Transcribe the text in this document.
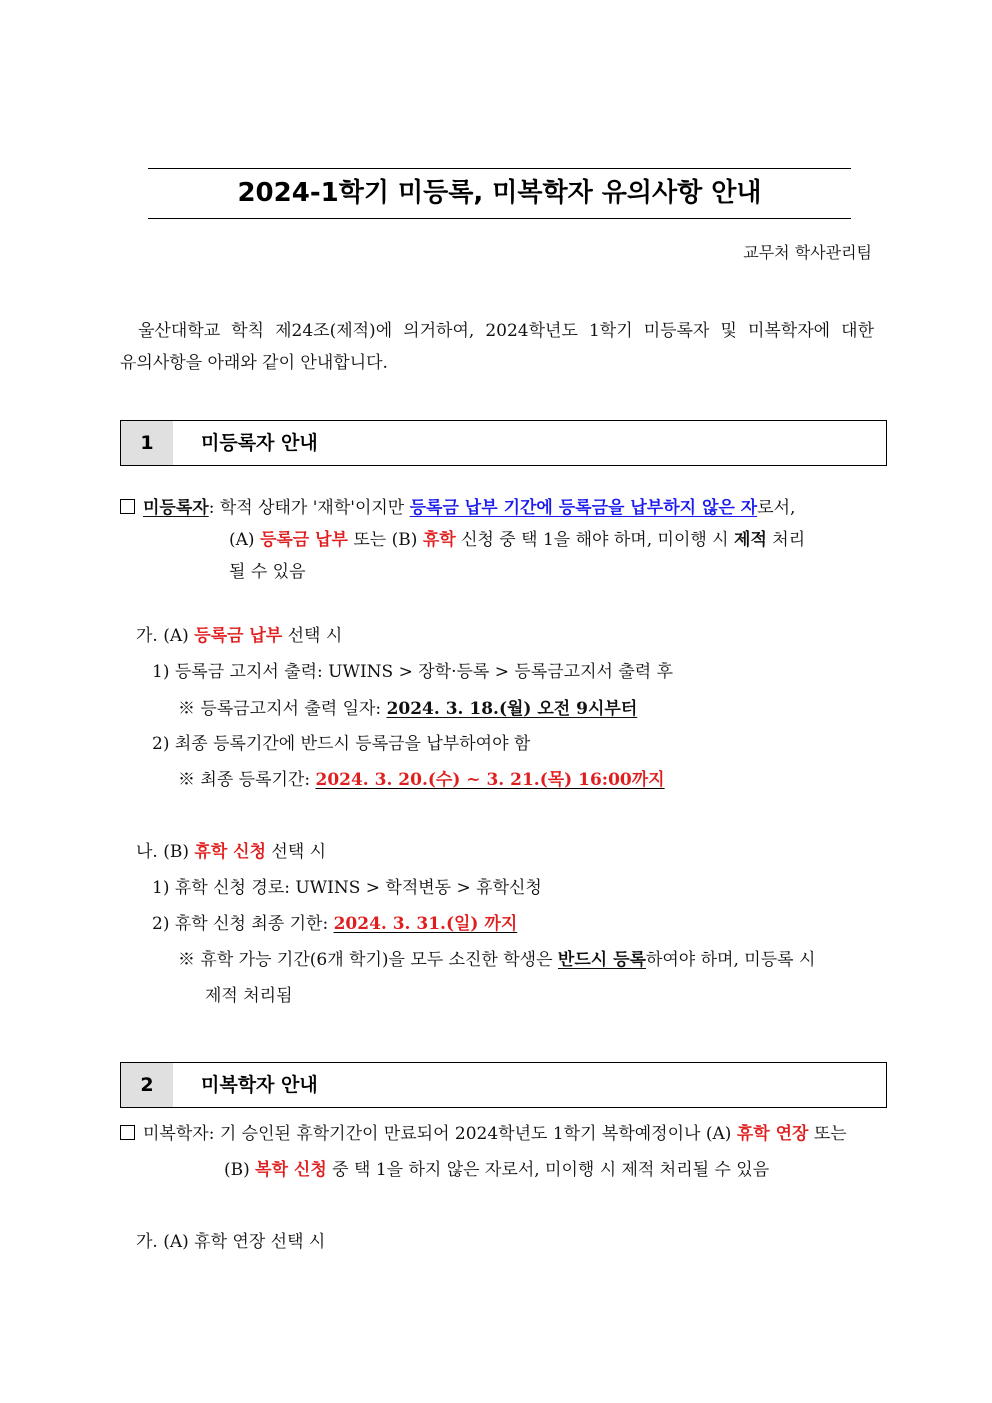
2024-1학기 미등록, 미복학자 유의사항 안내
교무처 학사관리팀
울산대학교 학칙 제24조(제적)에 의거하여, 2024학년도 1학기 미등록자 및 미복학자에 대한
유의사항을 아래와 같이 안내합니다.
1	미등록자 안내
미등록자: 학적 상태가 '재학'이지만 등록금 납부 기간에 등록금을 납부하지 않은 자로서,
(A) 등록금 납부 또는 (B) 휴학 신청 중 택 1을 해야 하며, 미이행 시 제적 처리
될 수 있음
가. (A) 등록금 납부 선택 시
1) 등록금 고지서 출력: UWINS > 장학·등록 > 등록금고지서 출력 후
※ 등록금고지서 출력 일자: 2024. 3. 18.(월) 오전 9시부터
2) 최종 등록기간에 반드시 등록금을 납부하여야 함
※ 최종 등록기간: 2024. 3. 20.(수) ~ 3. 21.(목) 16:00까지
나. (B) 휴학 신청 선택 시
1) 휴학 신청 경로: UWINS > 학적변동 > 휴학신청
2) 휴학 신청 최종 기한: 2024. 3. 31.(일) 까지
※ 휴학 가능 기간(6개 학기)을 모두 소진한 학생은 반드시 등록하여야 하며, 미등록 시
제적 처리됨
2	미복학자 안내
미복학자: 기 승인된 휴학기간이 만료되어 2024학년도 1학기 복학예정이나 (A) 휴학 연장 또는
(B) 복학 신청 중 택 1을 하지 않은 자로서, 미이행 시 제적 처리될 수 있음
가. (A) 휴학 연장 선택 시
